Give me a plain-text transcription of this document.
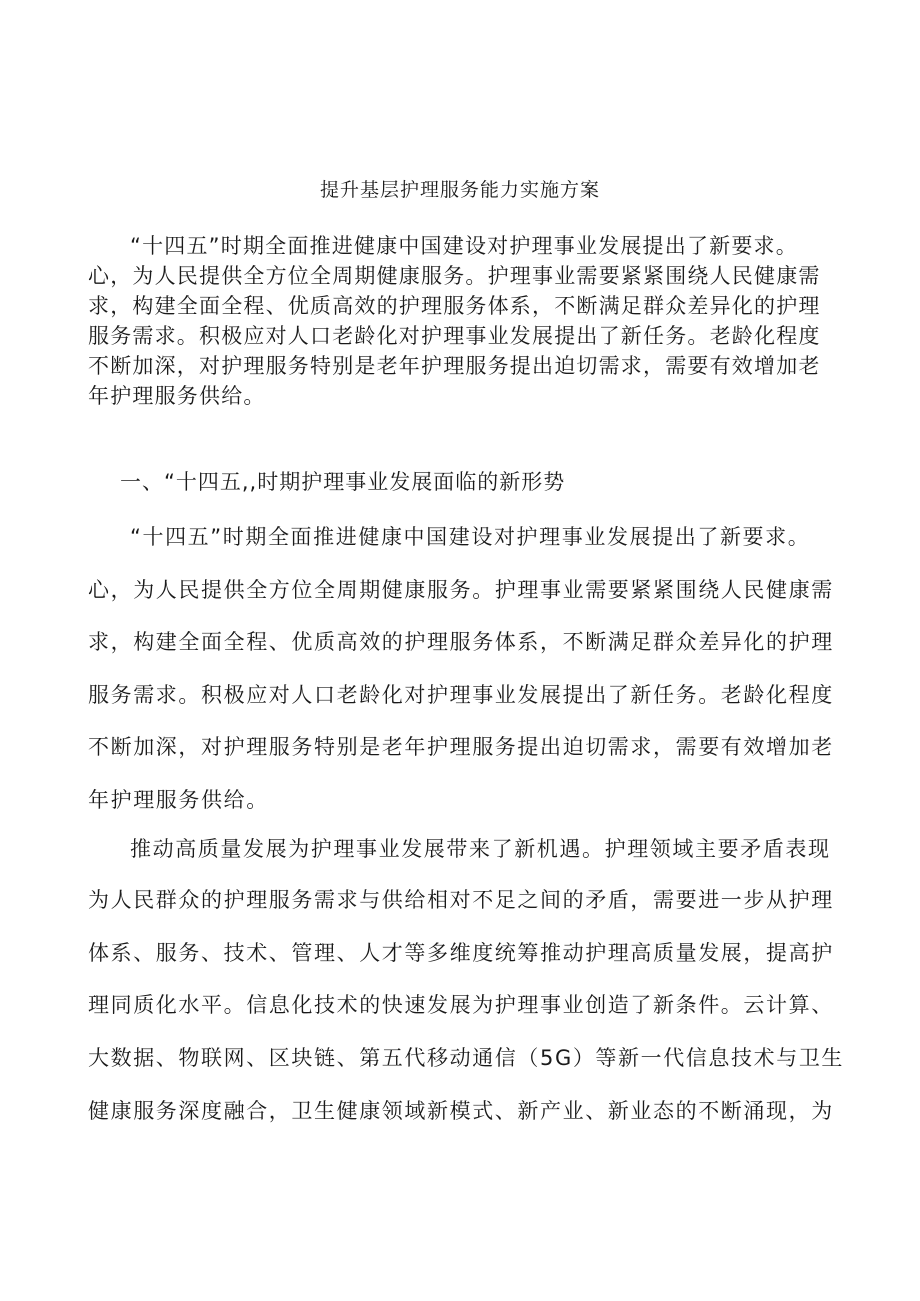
提升基层护理服务能力实施方案
“十四五”时期全面推进健康中国建设对护理事业发展提出了新要求。
心，为人民提供全方位全周期健康服务。护理事业需要紧紧围绕人民健康需
求，构建全面全程、优质高效的护理服务体系，不断满足群众差异化的护理
服务需求。积极应对人口老龄化对护理事业发展提出了新任务。老龄化程度
不断加深，对护理服务特别是老年护理服务提出迫切需求，需要有效增加老
年护理服务供给。
一、“十四五,,时期护理事业发展面临的新形势
“十四五”时期全面推进健康中国建设对护理事业发展提出了新要求。
心，为人民提供全方位全周期健康服务。护理事业需要紧紧围绕人民健康需
求，构建全面全程、优质高效的护理服务体系，不断满足群众差异化的护理
服务需求。积极应对人口老龄化对护理事业发展提出了新任务。老龄化程度
不断加深，对护理服务特别是老年护理服务提出迫切需求，需要有效增加老
年护理服务供给。
推动高质量发展为护理事业发展带来了新机遇。护理领域主要矛盾表现
为人民群众的护理服务需求与供给相对不足之间的矛盾，需要进一步从护理
体系、服务、技术、管理、人才等多维度统筹推动护理高质量发展，提高护
理同质化水平。信息化技术的快速发展为护理事业创造了新条件。云计算、
大数据、物联网、区块链、第五代移动通信（5G）等新一代信息技术与卫生
健康服务深度融合，卫生健康领域新模式、新产业、新业态的不断涌现，为
